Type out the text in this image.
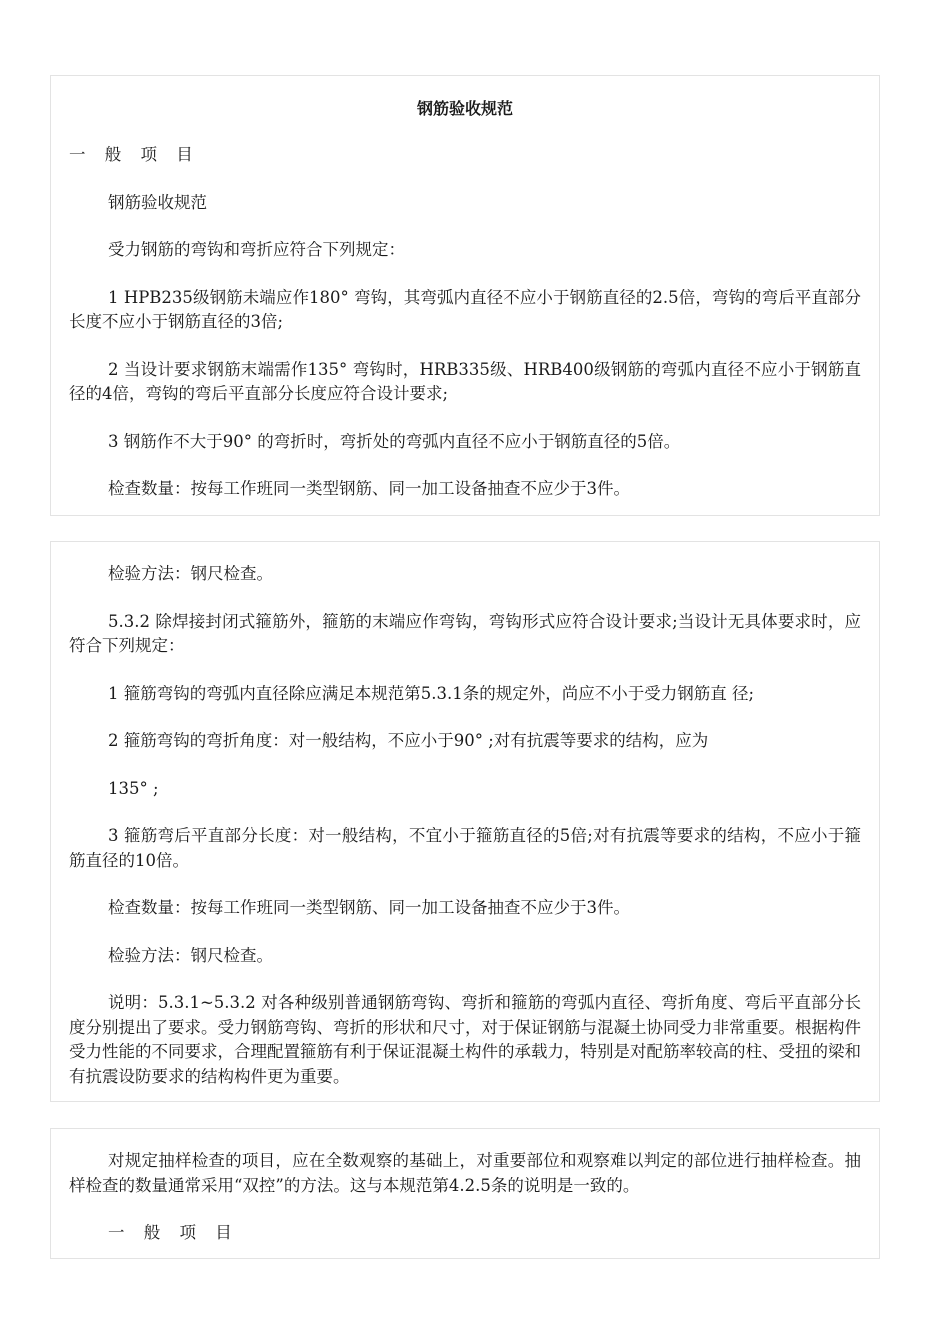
钢筋验收规范

一 般 项 目

钢筋验收规范

受力钢筋的弯钩和弯折应符合下列规定：

1 HPB235级钢筋未端应作180° 弯钩，其弯弧内直径不应小于钢筋直径的2.5倍，弯钩的弯后平直部分长度不应小于钢筋直径的3倍;

2 当设计要求钢筋末端需作135° 弯钩时，HRB335级、HRB400级钢筋的弯弧内直径不应小于钢筋直径的4倍，弯钩的弯后平直部分长度应符合设计要求;

3 钢筋作不大于90° 的弯折时，弯折处的弯弧内直径不应小于钢筋直径的5倍。

检查数量：按每工作班同一类型钢筋、同一加工设备抽查不应少于3件。

检验方法：钢尺检查。

5.3.2 除焊接封闭式箍筋外，箍筋的末端应作弯钩，弯钩形式应符合设计要求;当设计无具体要求时，应符合下列规定：

1 箍筋弯钩的弯弧内直径除应满足本规范第5.3.1条的规定外，尚应不小于受力钢筋直 径;

2 箍筋弯钩的弯折角度：对一般结构，不应小于90° ;对有抗震等要求的结构，应为

135° ;

3 箍筋弯后平直部分长度：对一般结构，不宜小于箍筋直径的5倍;对有抗震等要求的结构，不应小于箍筋直径的10倍。

检查数量：按每工作班同一类型钢筋、同一加工设备抽查不应少于3件。

检验方法：钢尺检查。

说明：5.3.1~5.3.2 对各种级别普通钢筋弯钩、弯折和箍筋的弯弧内直径、弯折角度、弯后平直部分长度分别提出了要求。受力钢筋弯钩、弯折的形状和尺寸，对于保证钢筋与混凝土协同受力非常重要。根据构件受力性能的不同要求，合理配置箍筋有利于保证混凝土构件的承载力，特别是对配筋率较高的柱、受扭的梁和有抗震设防要求的结构构件更为重要。

对规定抽样检查的项目，应在全数观察的基础上，对重要部位和观察难以判定的部位进行抽样检查。抽样检查的数量通常采用“双控”的方法。这与本规范第4.2.5条的说明是一致的。

一 般 项 目
